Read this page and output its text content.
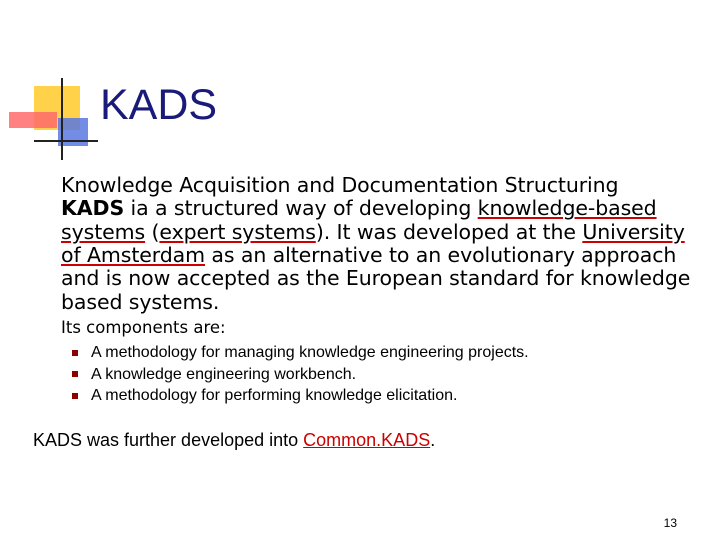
KADS

Knowledge Acquisition and Documentation Structuring

KADS ia a structured way of developing knowledge-based systems (expert systems). It was developed at the University of Amsterdam as an alternative to an evolutionary approach and is now accepted as the European standard for knowledge based systems.

Its components are:
A methodology for managing knowledge engineering projects.
A knowledge engineering workbench.
A methodology for performing knowledge elicitation.
KADS was further developed into Common.KADS.
13
